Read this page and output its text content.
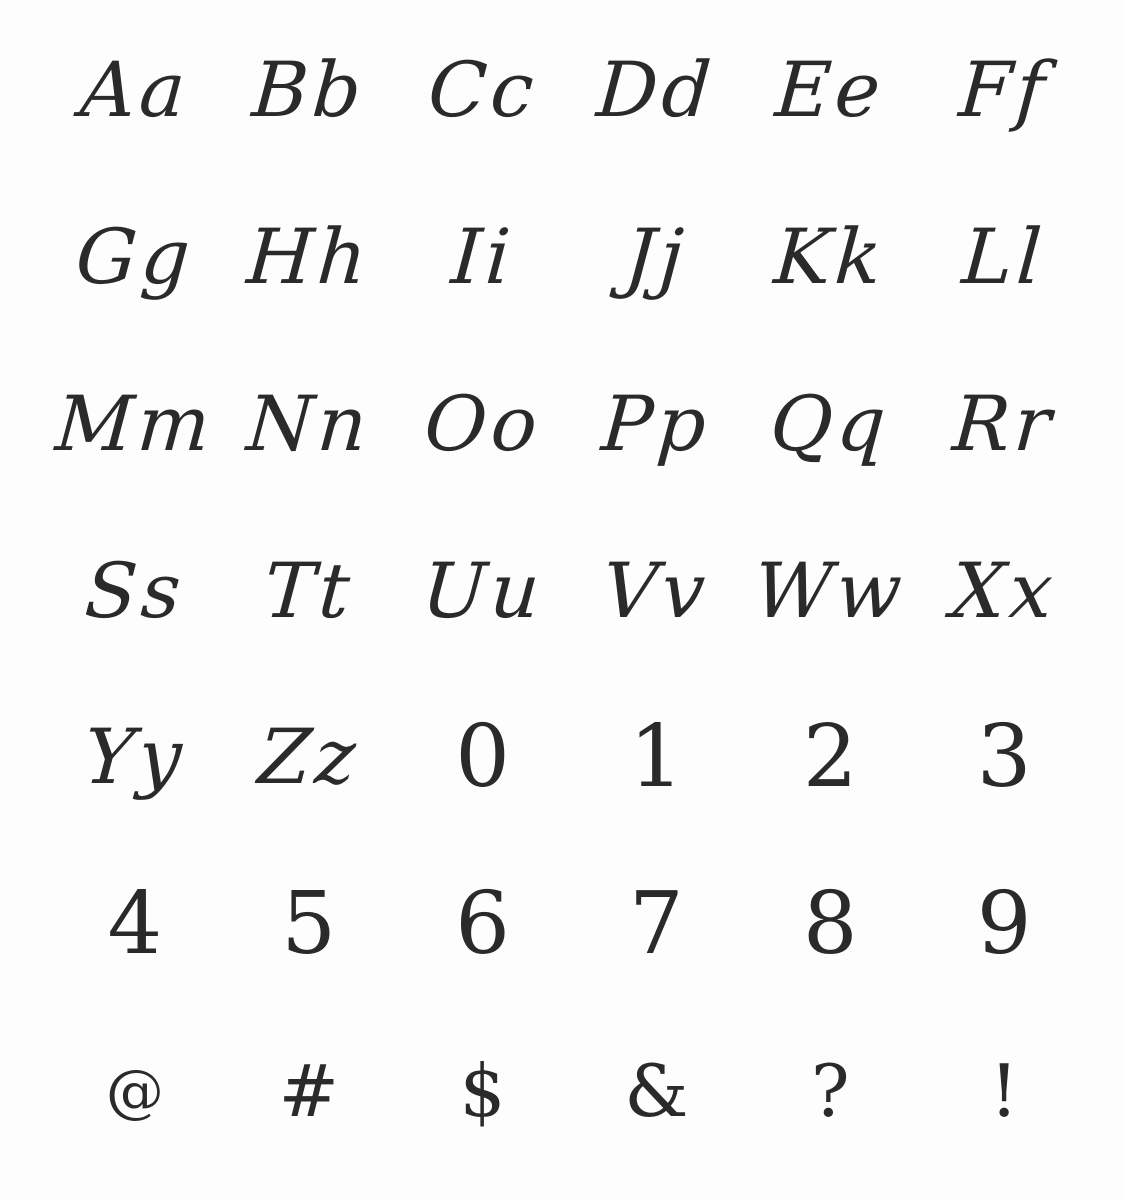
Aa Bb Cc Dd Ee Ff
Gg Hh Ii	Jj	Kk Ll
Mm Nn Oo Pp Qq Rr
Ss Tt Uu Vv Ww Xx
Yy Zz	0	1	2	3
4	5	6	7	8	9
@	#	$	&	?	!
